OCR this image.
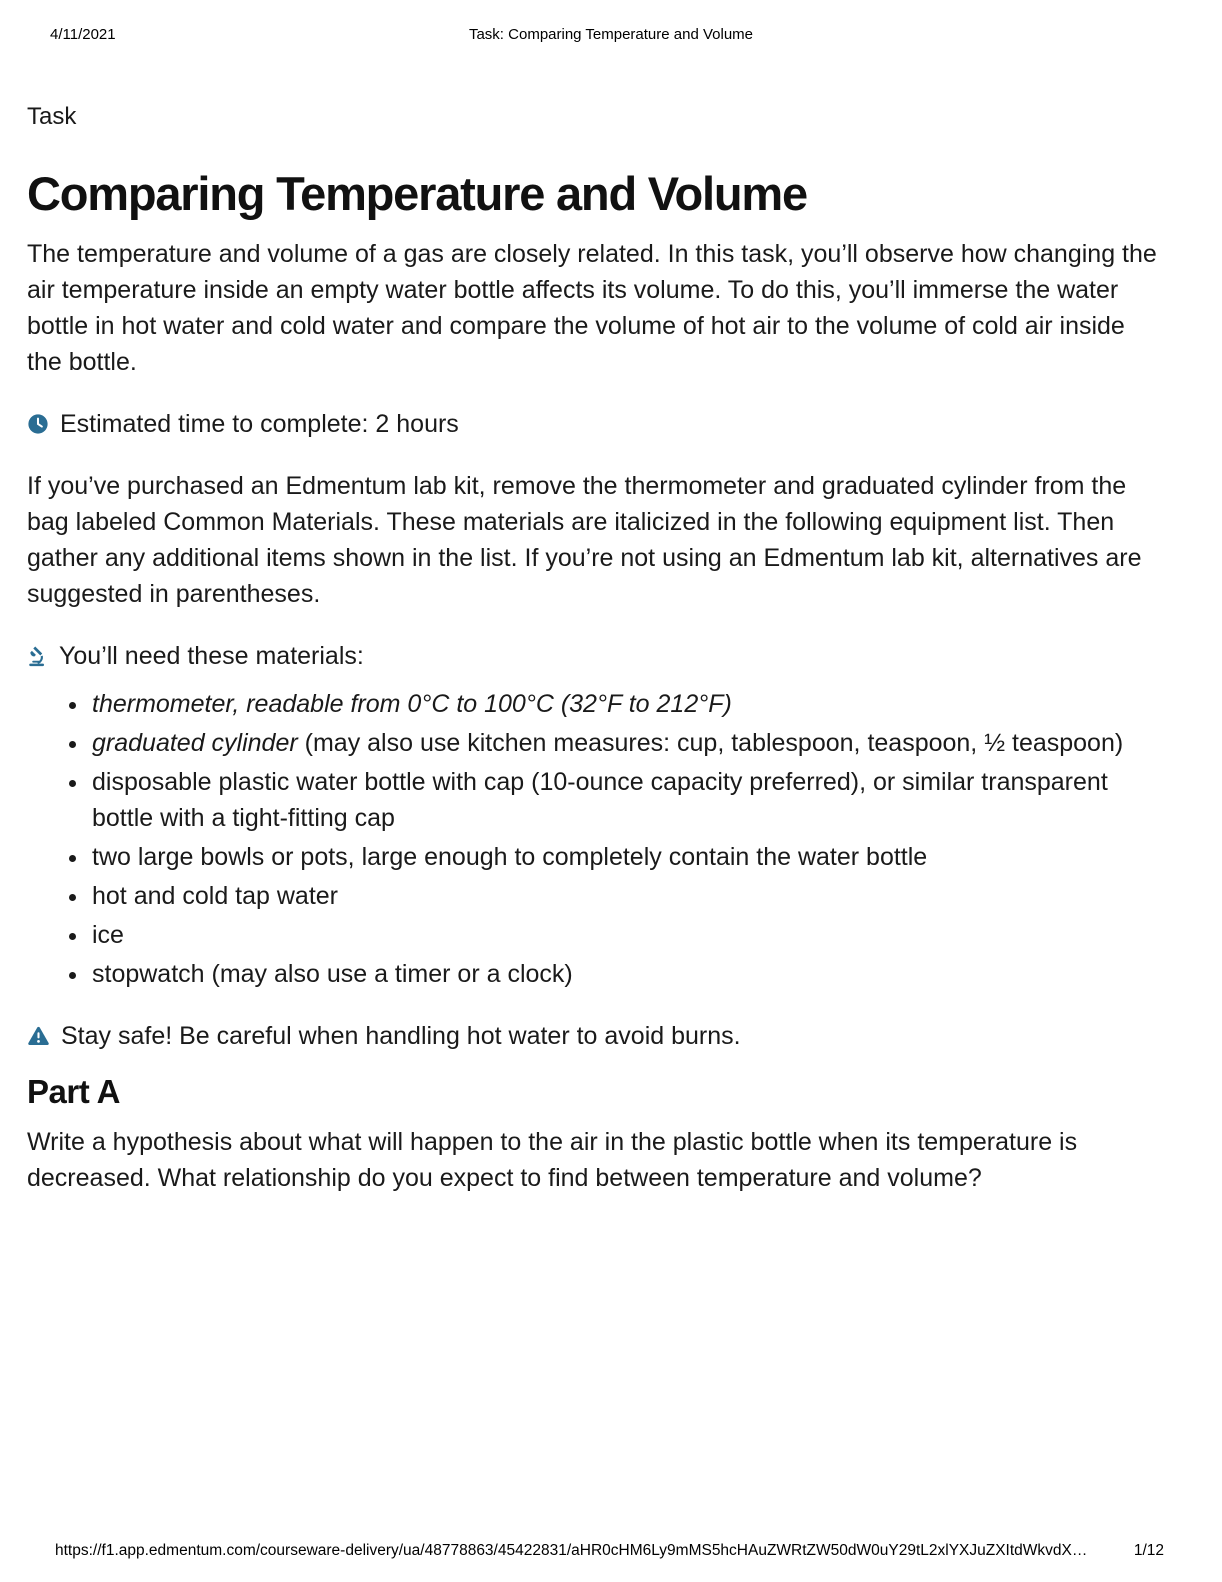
4/11/2021	Task: Comparing Temperature and Volume

Task

Comparing Temperature and Volume

The temperature and volume of a gas are closely related. In this task, you’ll observe how changing the air temperature inside an empty water bottle affects its volume. To do this, you’ll immerse the water bottle in hot water and cold water and compare the volume of hot air to the volume of cold air inside the bottle.

Estimated time to complete: 2 hours

If you’ve purchased an Edmentum lab kit, remove the thermometer and graduated cylinder from the bag labeled Common Materials. These materials are italicized in the following equipment list. Then gather any additional items shown in the list. If you’re not using an Edmentum lab kit, alternatives are suggested in parentheses.

You’ll need these materials:
• thermometer, readable from 0°C to 100°C (32°F to 212°F)
• graduated cylinder (may also use kitchen measures: cup, tablespoon, teaspoon, ½ teaspoon)
• disposable plastic water bottle with cap (10-ounce capacity preferred), or similar transparent bottle with a tight-fitting cap
• two large bowls or pots, large enough to completely contain the water bottle
• hot and cold tap water
• ice
• stopwatch (may also use a timer or a clock)
Stay safe! Be careful when handling hot water to avoid burns.
Part A

Write a hypothesis about what will happen to the air in the plastic bottle when its temperature is decreased. What relationship do you expect to find between temperature and volume?

https://f1.app.edmentum.com/courseware-delivery/ua/48778863/45422831/aHR0cHM6Ly9mMS5hcHAuZWRtZW50dW0uY29tL2xlYXJuZXItdWkvdX…	1/12
